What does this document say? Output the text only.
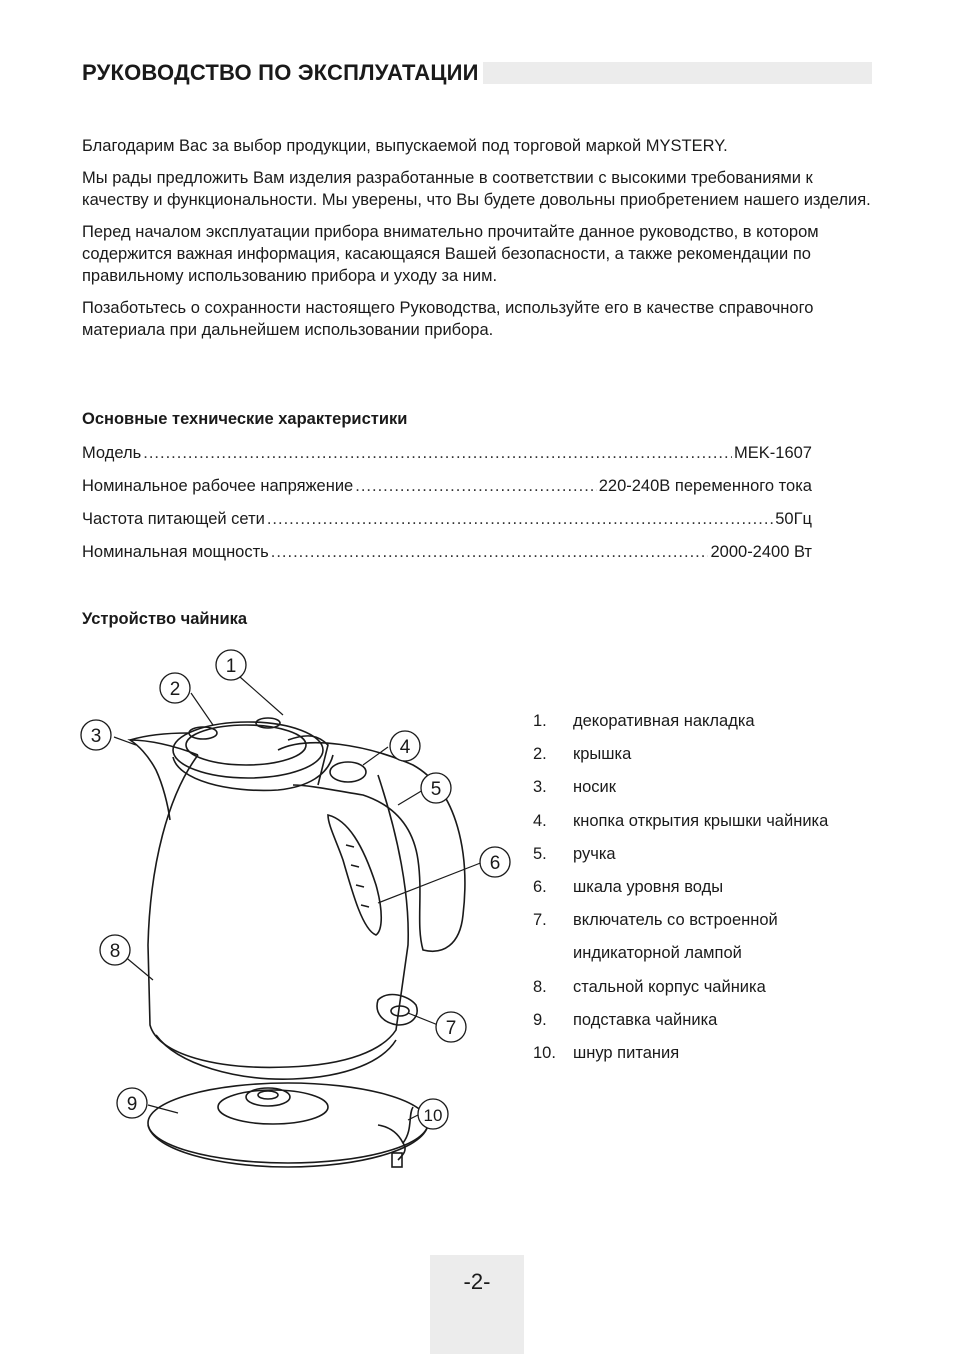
РУКОВОДСТВО ПО ЭКСПЛУАТАЦИИ

Благодарим Вас за выбор продукции, выпускаемой под торговой маркой MYSTERY.

Мы рады предложить Вам изделия разработанные в соответствии с высокими требованиями к качеству и функциональности. Мы уверены, что Вы будете довольны приобретением нашего изделия.

Перед началом эксплуатации прибора внимательно прочитайте данное руководство, в котором содержится важная информация, касающаяся Вашей безопасности, а также рекомендации по правильному использованию прибора и уходу за ним.

Позаботьтесь о сохранности настоящего Руководства, используйте его в качестве справочного материала при дальнейшем использовании прибора.

Основные технические характеристики
Модель .....	MEK-1607
Номинальное рабочее напряжение .....	220-240В переменного тока
Частота питающей сети .....	50Гц
Номинальная мощность .....	2000-2400 Вт
Устройство чайника
1
2
3
4
5
6
7
8
9
10
1.	декоративная накладка
2.	крышка
3.	носик
4.	кнопка открытия крышки чайника
5.	ручка
6.	шкала уровня воды
7.	включатель со встроенной
индикаторной лампой
8.	стальной корпус чайника
9.	подставка чайника
10.	шнур питания
-2-
